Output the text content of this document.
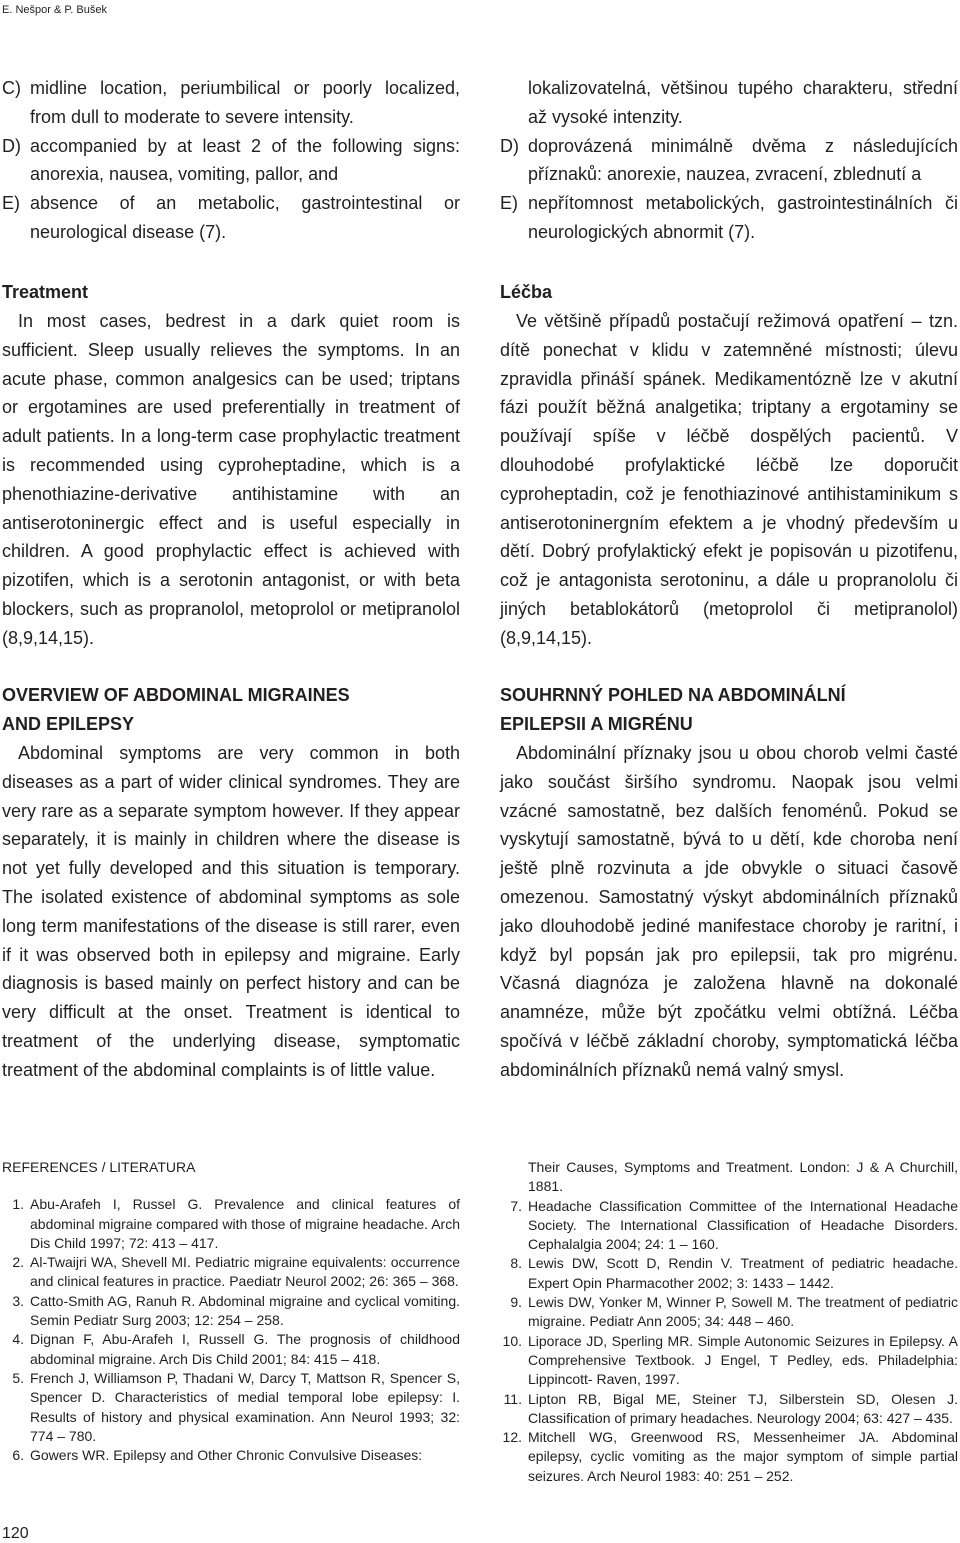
E. Nešpor & P. Bušek
C) midline location, periumbilical or poorly localized, from dull to moderate to severe intensity.
D) accompanied by at least 2 of the following signs: anorexia, nausea, vomiting, pallor, and
E) absence of an metabolic, gastrointestinal or neurological disease (7).
Treatment

In most cases, bedrest in a dark quiet room is sufficient. Sleep usually relieves the symptoms. In an acute phase, common analgesics can be used; triptans or ergotamines are used preferentially in treatment of adult patients. In a long-term case prophylactic treatment is recommended using cyproheptadine, which is a phenothiazine-derivative antihistamine with an antiserotoninergic effect and is useful especially in children. A good prophylactic effect is achieved with pizotifen, which is a serotonin antagonist, or with beta blockers, such as propranolol, metoprolol or metipranolol (8,9,14,15).

OVERVIEW OF ABDOMINAL MIGRAINES
AND EPILEPSY

Abdominal symptoms are very common in both diseases as a part of wider clinical syndromes. They are very rare as a separate symptom however. If they appear separately, it is mainly in children where the disease is not yet fully developed and this situation is temporary. The isolated existence of abdominal symptoms as sole long term manifestations of the disease is still rarer, even if it was observed both in epilepsy and migraine. Early diagnosis is based mainly on perfect history and can be very difficult at the onset. Treatment is identical to treatment of the underlying disease, symptomatic treatment of the abdominal complaints is of little value.

lokalizovatelná, většinou tupého charakteru, střední až vysoké intenzity.
D) doprovázená minimálně dvěma z následujících příznaků: anorexie, nauzea, zvracení, zblednutí a
E) nepřítomnost metabolických, gastrointestinálních či neurologických abnormit (7).
Léčba

Ve většině případů postačují režimová opatření – tzn. dítě ponechat v klidu v zatemněné místnosti; úlevu zpravidla přináší spánek. Medikamentózně lze v akutní fázi použít běžná analgetika; triptany a ergotaminy se používají spíše v léčbě dospělých pacientů. V dlouhodobé profylaktické léčbě lze doporučit cyproheptadin, což je fenothiazinové antihistaminikum s antiserotoninergním efektem a je vhodný především u dětí. Dobrý profylaktický efekt je popisován u pizotifenu, což je antagonista serotoninu, a dále u propranololu či jiných betablokátorů (metoprolol či metipranolol) (8,9,14,15).

SOUHRNNÝ POHLED NA ABDOMINÁLNÍ
EPILEPSII A MIGRÉNU

Abdominální příznaky jsou u obou chorob velmi časté jako součást širšího syndromu. Naopak jsou velmi vzácné samostatně, bez dalších fenoménů. Pokud se vyskytují samostatně, bývá to u dětí, kde choroba není ještě plně rozvinuta a jde obvykle o situaci časově omezenou. Samostatný výskyt abdominálních příznaků jako dlouhodobě jediné manifestace choroby je raritní, i když byl popsán jak pro epilepsii, tak pro migrénu. Včasná diagnóza je založena hlavně na dokonalé anamnéze, může být zpočátku velmi obtížná. Léčba spočívá v léčbě základní choroby, symptomatická léčba abdominálních příznaků nemá valný smysl.

REFERENCES / LITERATURA
1. Abu-Arafeh I, Russel G. Prevalence and clinical features of abdominal migraine compared with those of migraine headache. Arch Dis Child 1997; 72: 413 – 417.
2. Al-Twaijri WA, Shevell MI. Pediatric migraine equivalents: occurrence and clinical features in practice. Paediatr Neurol 2002; 26: 365 – 368.
3. Catto-Smith AG, Ranuh R. Abdominal migraine and cyclical vomiting. Semin Pediatr Surg 2003; 12: 254 – 258.
4. Dignan F, Abu-Arafeh I, Russell G. The prognosis of childhood abdominal migraine. Arch Dis Child 2001; 84: 415 – 418.
5. French J, Williamson P, Thadani W, Darcy T, Mattson R, Spencer S, Spencer D. Characteristics of medial temporal lobe epilepsy: I. Results of history and physical examination. Ann Neurol 1993; 32: 774 – 780.
6. Gowers WR. Epilepsy and Other Chronic Convulsive Diseases:
Their Causes, Symptoms and Treatment. London: J & A Churchill, 1881.
7. Headache Classification Committee of the International Headache Society. The International Classification of Headache Disorders. Cephalalgia 2004; 24: 1 – 160.
8. Lewis DW, Scott D, Rendin V. Treatment of pediatric headache. Expert Opin Pharmacother 2002; 3: 1433 – 1442.
9. Lewis DW, Yonker M, Winner P, Sowell M. The treatment of pediatric migraine. Pediatr Ann 2005; 34: 448 – 460.
10. Liporace JD, Sperling MR. Simple Autonomic Seizures in Epilepsy. A Comprehensive Textbook. J Engel, T Pedley, eds. Philadelphia: Lippincott- Raven, 1997.
11. Lipton RB, Bigal ME, Steiner TJ, Silberstein SD, Olesen J. Classification of primary headaches. Neurology 2004; 63: 427 – 435.
12. Mitchell WG, Greenwood RS, Messenheimer JA. Abdominal epilepsy, cyclic vomiting as the major symptom of simple partial seizures. Arch Neurol 1983: 40: 251 – 252.
120
